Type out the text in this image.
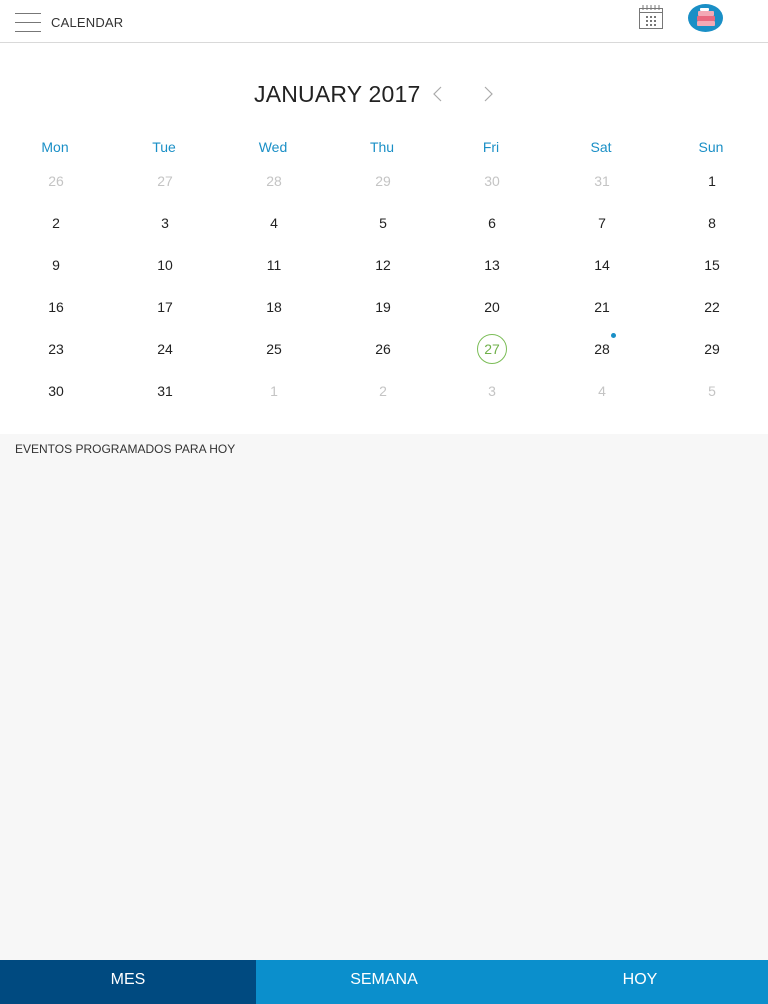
CALENDAR
JANUARY 2017
Mon	Tue	Wed	Thu	Fri	Sat	Sun
26	27	28	29	30	31	1
2	3	4	5	6	7	8
9	10	11	12	13	14	15
16	17	18	19	20	21	22
23	24	25	26	27	28	29
30	31	1	2	3	4	5
EVENTOS PROGRAMADOS PARA HOY
MES	SEMANA	HOY
